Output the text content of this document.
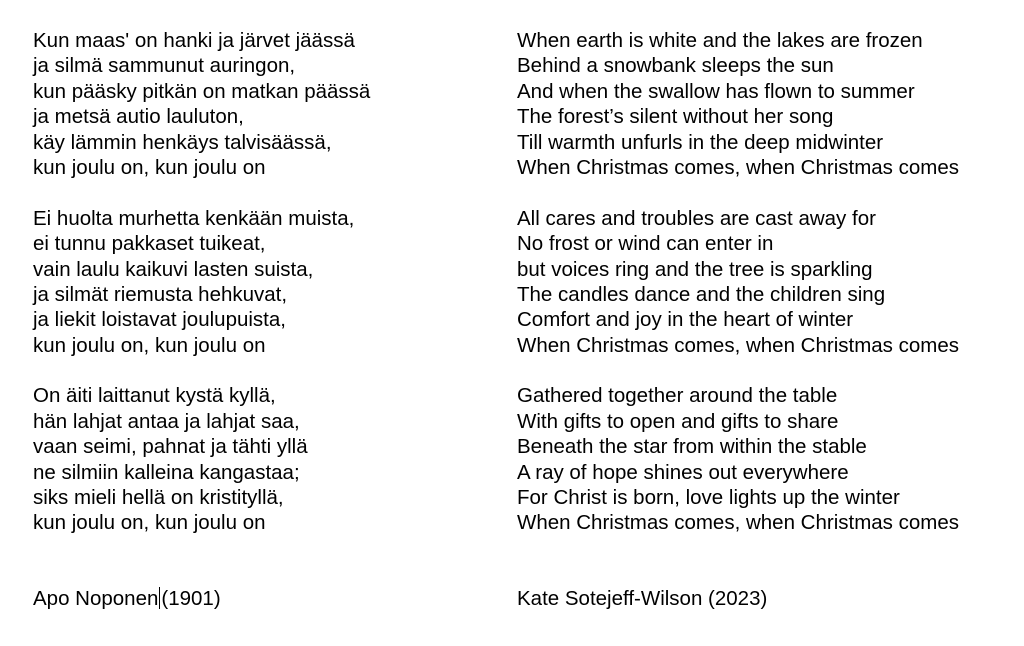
Kun maas' on hanki ja järvet jäässä
ja silmä sammunut auringon,
kun pääsky pitkän on matkan päässä
ja metsä autio lauluton,
käy lämmin henkäys talvisäässä,
kun joulu on, kun joulu on
Ei huolta murhetta kenkään muista,
ei tunnu pakkaset tuikeat,
vain laulu kaikuvi lasten suista,
ja silmät riemusta hehkuvat,
ja liekit loistavat joulupuista,
kun joulu on, kun joulu on
On äiti laittanut kystä kyllä,
hän lahjat antaa ja lahjat saa,
vaan seimi, pahnat ja tähti yllä
ne silmiin kalleina kangastaa;
siks mieli hellä on kristityllä,
kun joulu on, kun joulu on
When earth is white and the lakes are frozen
Behind a snowbank sleeps the sun
And when the swallow has flown to summer
The forest’s silent without her song
Till warmth unfurls in the deep midwinter
When Christmas comes, when Christmas comes
All cares and troubles are cast away for
No frost or wind can enter in
but voices ring and the tree is sparkling
The candles dance and the children sing
Comfort and joy in the heart of winter
When Christmas comes, when Christmas comes
Gathered together around the table
With gifts to open and gifts to share
Beneath the star from within the stable
A ray of hope shines out everywhere
For Christ is born, love lights up the winter
When Christmas comes, when Christmas comes
Apo Noponen (1901)	Kate Sotejeff-Wilson (2023)
